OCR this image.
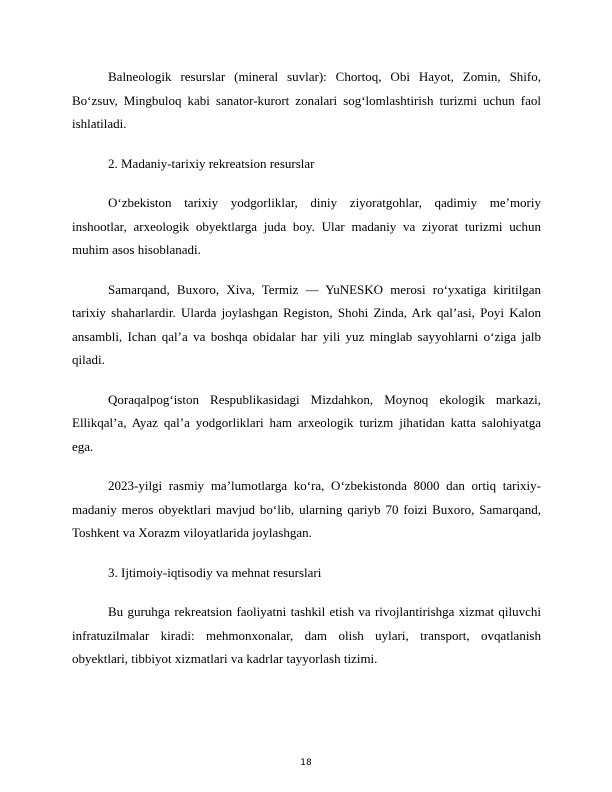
Balneologik resurslar (mineral suvlar): Chortoq, Obi Hayot, Zomin, Shifo, Bo‘zsuv, Mingbuloq kabi sanator-kurort zonalari sog‘lomlashtirish turizmi uchun faol ishlatiladi.

2. Madaniy-tarixiy rekreatsion resurslar

O‘zbekiston tarixiy yodgorliklar, diniy ziyoratgohlar, qadimiy me’moriy inshootlar, arxeologik obyektlarga juda boy. Ular madaniy va ziyorat turizmi uchun muhim asos hisoblanadi.

Samarqand, Buxoro, Xiva, Termiz — YuNESKO merosi ro‘yxatiga kiritilgan tarixiy shaharlardir. Ularda joylashgan Registon, Shohi Zinda, Ark qal’asi, Poyi Kalon ansambli, Ichan qal’a va boshqa obidalar har yili yuz minglab sayyohlarni o‘ziga jalb qiladi.

Qoraqalpog‘iston Respublikasidagi Mizdahkon, Moynoq ekologik markazi, Ellikqal’a, Ayaz qal’a yodgorliklari ham arxeologik turizm jihatidan katta salohiyatga ega.

2023-yilgi rasmiy ma’lumotlarga ko‘ra, O‘zbekistonda 8000 dan ortiq tarixiy-madaniy meros obyektlari mavjud bo‘lib, ularning qariyb 70 foizi Buxoro, Samarqand, Toshkent va Xorazm viloyatlarida joylashgan.

3. Ijtimoiy-iqtisodiy va mehnat resurslari

Bu guruhga rekreatsion faoliyatni tashkil etish va rivojlantirishga xizmat qiluvchi infratuzilmalar kiradi: mehmonxonalar, dam olish uylari, transport, ovqatlanish obyektlari, tibbiyot xizmatlari va kadrlar tayyorlash tizimi.

18
